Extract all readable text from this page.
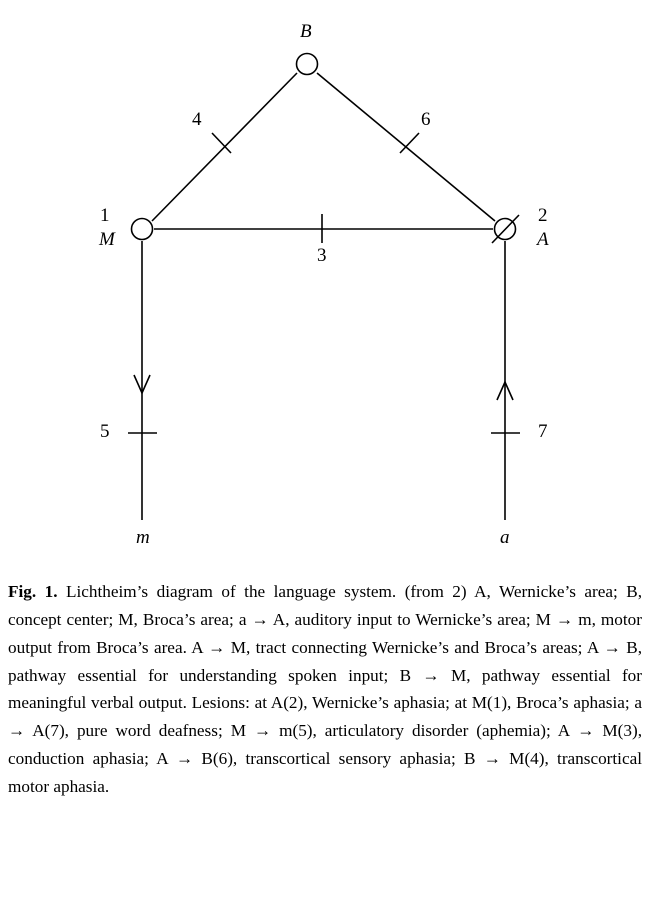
B
M	A
1	2
4	6
3
5	7
m	a
Fig. 1. Lichtheim’s diagram of the language system. (from 2) A, Wernicke’s area; B, concept center; M, Broca’s area; a → A, auditory input to Wernicke’s area; M → m, motor output from Broca’s area. A → M, tract connecting Wernicke’s and Broca’s areas; A → B, pathway essential for understanding spoken input; B → M, pathway essential for meaningful verbal output. Lesions: at A(2), Wernicke’s aphasia; at M(1), Broca’s aphasia; a → A(7), pure word deafness; M → m(5), articulatory disorder (aphemia); A → M(3), conduction aphasia; A → B(6), transcortical sensory aphasia; B → M(4), transcortical motor aphasia.
